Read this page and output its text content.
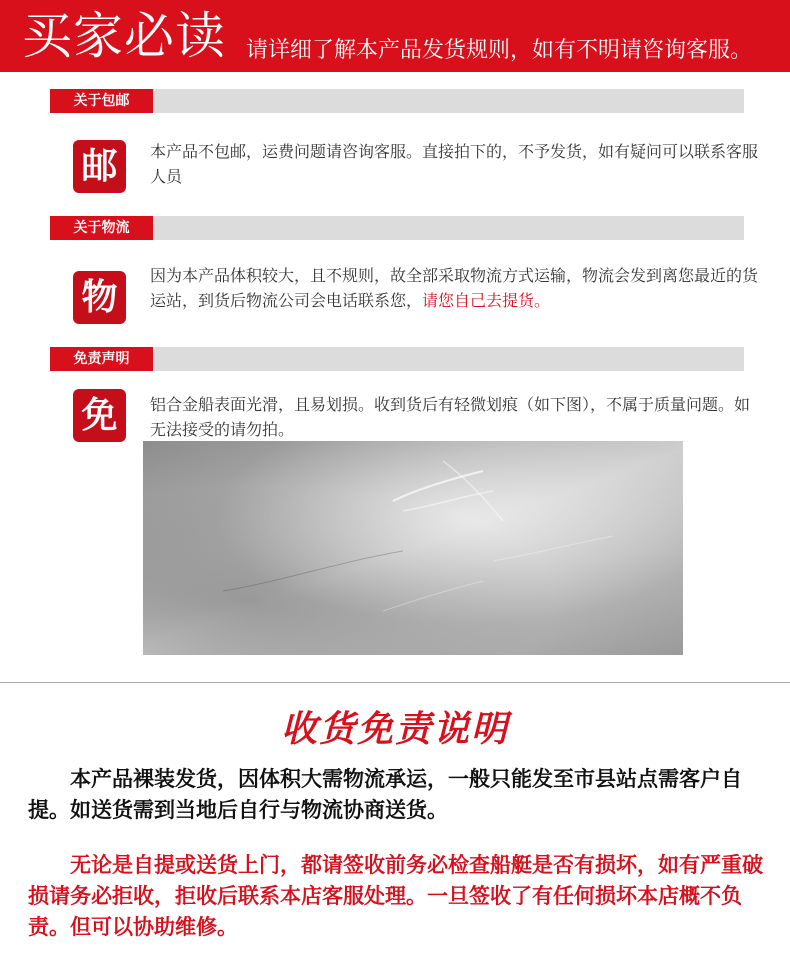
买家必读 请详细了解本产品发货规则，如有不明请咨询客服。
关于包邮
邮	本产品不包邮，运费问题请咨询客服。直接拍下的，不予发货，如有疑问可以联系客服人员
关于物流
物
因为本产品体积较大，且不规则，故全部采取物流方式运输，物流会发到离您最近的货运站，到货后物流公司会电话联系您，请您自己去提货。
免责声明
免	铝合金船表面光滑，且易划损。收到货后有轻微划痕（如下图），不属于质量问题。如无法接受的请勿拍。
收货免责说明
本产品裸装发货，因体积大需物流承运，一般只能发至市县站点需客户自提。如送货需到当地后自行与物流协商送货。
无论是自提或送货上门，都请签收前务必检查船艇是否有损坏，如有严重破损请务必拒收，拒收后联系本店客服处理。一旦签收了有任何损坏本店概不负责。但可以协助维修。
